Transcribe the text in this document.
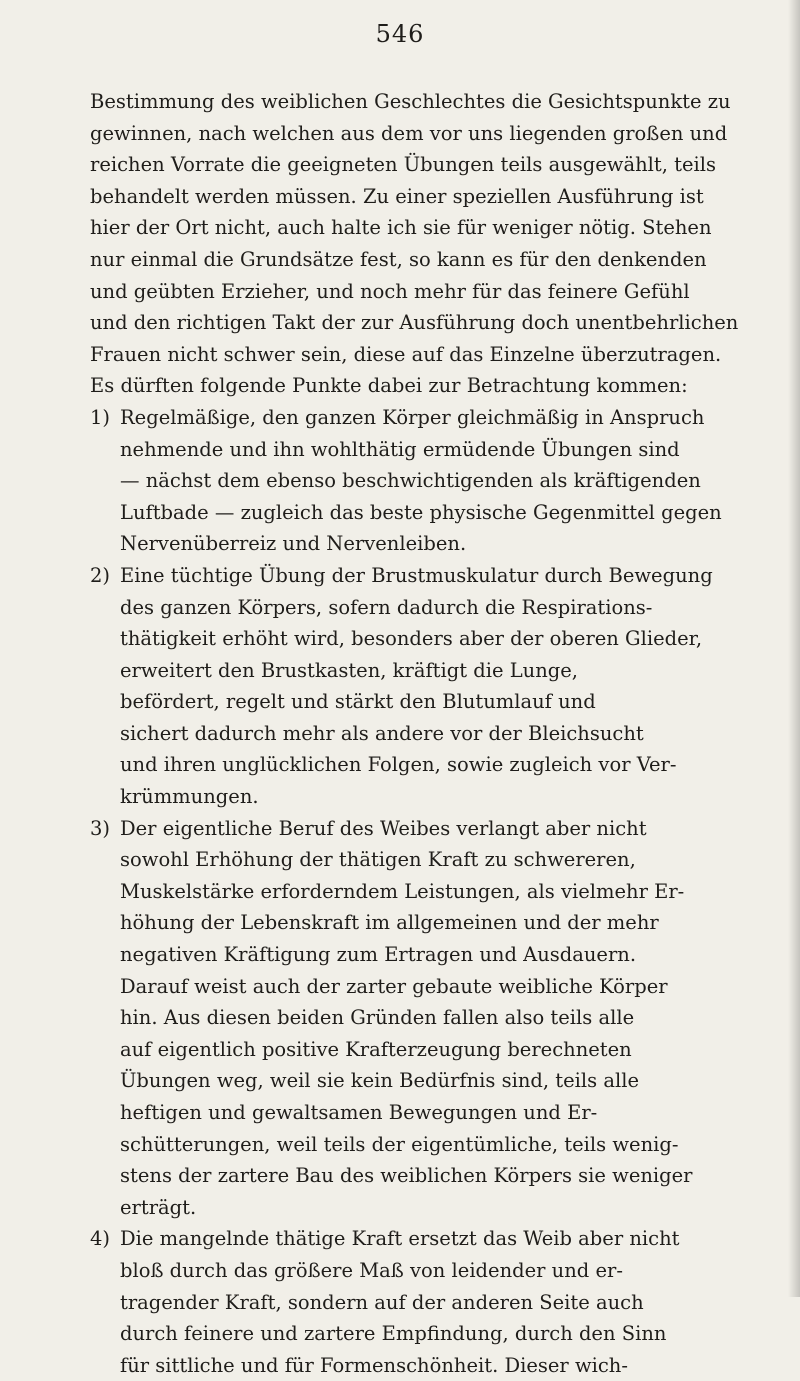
546
Bestimmung des weiblichen Geschlechtes die Gesichtspunkte zu
gewinnen, nach welchen aus dem vor uns liegenden großen und
reichen Vorrate die geeigneten Übungen teils ausgewählt, teils
behandelt werden müssen. Zu einer speziellen Ausführung ist
hier der Ort nicht, auch halte ich sie für weniger nötig. Stehen
nur einmal die Grundsätze fest, so kann es für den denkenden
und geübten Erzieher, und noch mehr für das feinere Gefühl
und den richtigen Takt der zur Ausführung doch unentbehrlichen
Frauen nicht schwer sein, diese auf das Einzelne überzutragen.
Es dürften folgende Punkte dabei zur Betrachtung kommen:
1) Regelmäßige, den ganzen Körper gleichmäßig in Anspruch
nehmende und ihn wohlthätig ermüdende Übungen sind
— nächst dem ebenso beschwichtigenden als kräftigenden
Luftbade — zugleich das beste physische Gegenmittel gegen
Nervenüberreiz und Nervenleiben.
2) Eine tüchtige Übung der Brustmuskulatur durch Bewegung
des ganzen Körpers, sofern dadurch die Respirations-
thätigkeit erhöht wird, besonders aber der oberen Glieder,
erweitert den Brustkasten, kräftigt die Lunge,
befördert, regelt und stärkt den Blutumlauf und
sichert dadurch mehr als andere vor der Bleichsucht
und ihren unglücklichen Folgen, sowie zugleich vor Ver-
krümmungen.
3) Der eigentliche Beruf des Weibes verlangt aber nicht
sowohl Erhöhung der thätigen Kraft zu schwereren,
Muskelstärke erforderndem Leistungen, als vielmehr Er-
höhung der Lebenskraft im allgemeinen und der mehr
negativen Kräftigung zum Ertragen und Ausdauern.
Darauf weist auch der zarter gebaute weibliche Körper
hin. Aus diesen beiden Gründen fallen also teils alle
auf eigentlich positive Krafterzeugung berechneten
Übungen weg, weil sie kein Bedürfnis sind, teils alle
heftigen und gewaltsamen Bewegungen und Er-
schütterungen, weil teils der eigentümliche, teils wenig-
stens der zartere Bau des weiblichen Körpers sie weniger
erträgt.
4) Die mangelnde thätige Kraft ersetzt das Weib aber nicht
bloß durch das größere Maß von leidender und er-
tragender Kraft, sondern auf der anderen Seite auch
durch feinere und zartere Empfindung, durch den Sinn
für sittliche und für Formenschönheit. Dieser wich-
